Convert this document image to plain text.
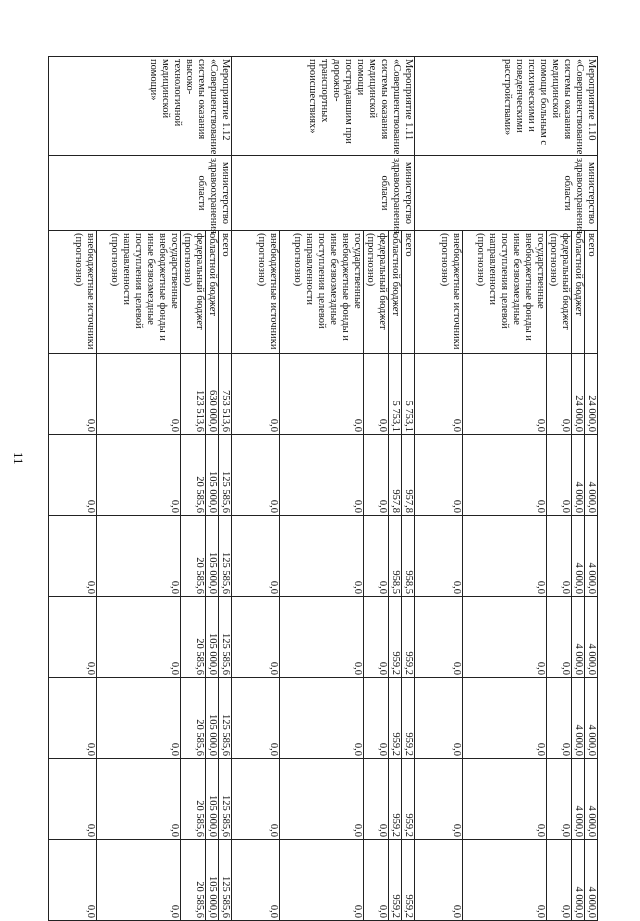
11
Мероприятие 1.10 «Совершенствование системы оказания медицинской помощи больным с психическими и поведенческими расстройствами»	министерство здравоохранения области	всего	24 000,0	4 000,0	4 000,0	4 000,0	4 000,0	4 000,0	4 000,0
		областной бюджет	24 000,0	4 000,0	4 000,0	4 000,0	4 000,0	4 000,0	4 000,0
		федеральный бюджет (прогнозно)	0,0	0,0	0,0	0,0	0,0	0,0	0,0
		государственные внебюджетные фонды и иные безвозмездные поступления целевой направленности (прогнозно)	0,0	0,0	0,0	0,0	0,0	0,0	0,0
		внебюджетные источники (прогнозно)	0,0	0,0	0,0	0,0	0,0	0,0	0,0
Мероприятие 1.11 «Совершенствование системы оказания медицинской помощи пострадавшим при дорожно-транспортных происшествиях»	министерство здравоохранения области	всего	5 753,1	957,8	958,5	959,2	959,2	959,2	959,2
		областной бюджет	5 753,1	957,8	958,5	959,2	959,2	959,2	959,2
		федеральный бюджет (прогнозно)	0,0	0,0	0,0	0,0	0,0	0,0	0,0
		государственные внебюджетные фонды и иные безвозмездные поступления целевой направленности (прогнозно)	0,0	0,0	0,0	0,0	0,0	0,0	0,0
		внебюджетные источники (прогнозно)	0,0	0,0	0,0	0,0	0,0	0,0	0,0
Мероприятие 1.12 «Совершенствование системы оказания высоко-технологичной медицинской помощи»	министерство здравоохранения области	всего	753 513,6	125 585,6	125 585,6	125 585,6	125 585,6	125 585,6	125 585,6
		областной бюджет	630 000,0	105 000,0	105 000,0	105 000,0	105 000,0	105 000,0	105 000,0
		федеральный бюджет (прогнозно)	123 513,6	20 585,6	20 585,6	20 585,6	20 585,6	20 585,6	20 585,6
		государственные внебюджетные фонды и иные безвозмездные поступления целевой направленности (прогнозно)	0,0	0,0	0,0	0,0	0,0	0,0	0,0
		внебюджетные источники (прогнозно)	0,0	0,0	0,0	0,0	0,0	0,0	0,0
